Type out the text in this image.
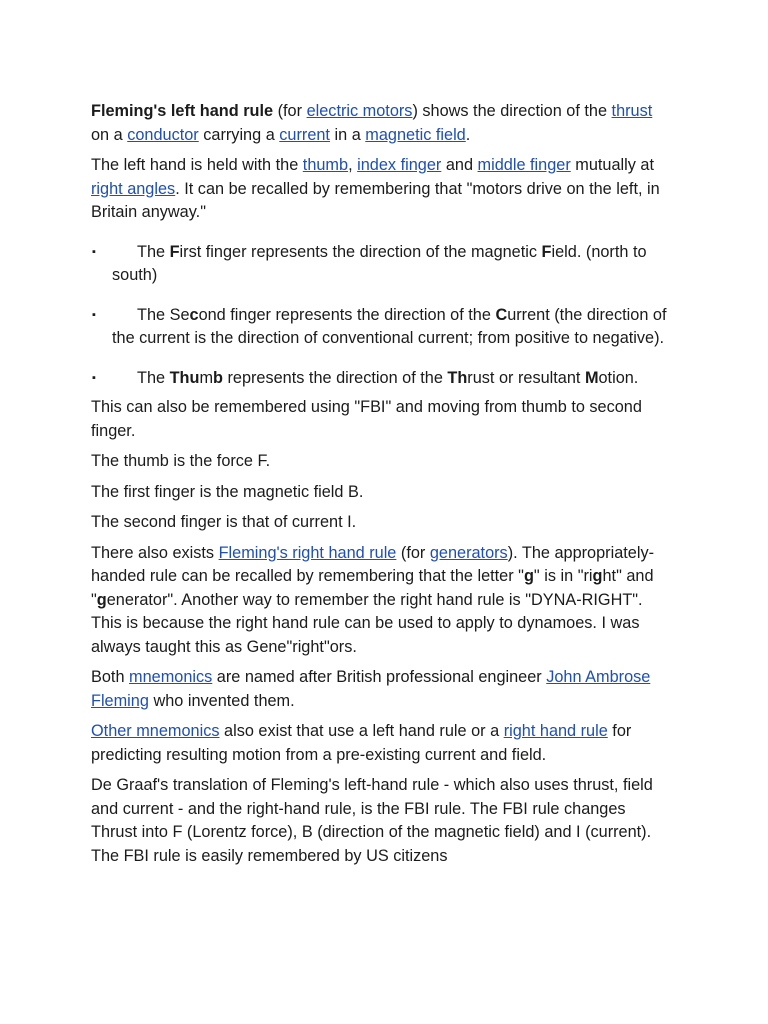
Fleming's left hand rule (for electric motors) shows the direction of the thrust on a conductor carrying a current in a magnetic field.

The left hand is held with the thumb, index finger and middle finger mutually at right angles. It can be recalled by remembering that "motors drive on the left, in Britain anyway."

▪	The First finger represents the direction of the magnetic Field. (north to south)
▪	The Second finger represents the direction of the Current (the direction of the current is the direction of conventional current; from positive to negative).
▪	The Thumb represents the direction of the Thrust or resultant Motion.

This can also be remembered using "FBI" and moving from thumb to second finger.

The thumb is the force F.

The first finger is the magnetic field B.

The second finger is that of current I.

There also exists Fleming's right hand rule (for generators). The appropriately-handed rule can be recalled by remembering that the letter "g" is in "right" and "generator". Another way to remember the right hand rule is "DYNA-RIGHT". This is because the right hand rule can be used to apply to dynamoes. I was always taught this as Gene"right"ors.

Both mnemonics are named after British professional engineer John Ambrose Fleming who invented them.

Other mnemonics also exist that use a left hand rule or a right hand rule for predicting resulting motion from a pre-existing current and field.

De Graaf's translation of Fleming's left-hand rule - which also uses thrust, field and current - and the right-hand rule, is the FBI rule. The FBI rule changes Thrust into F (Lorentz force), B (direction of the magnetic field) and I (current). The FBI rule is easily remembered by US citizens
